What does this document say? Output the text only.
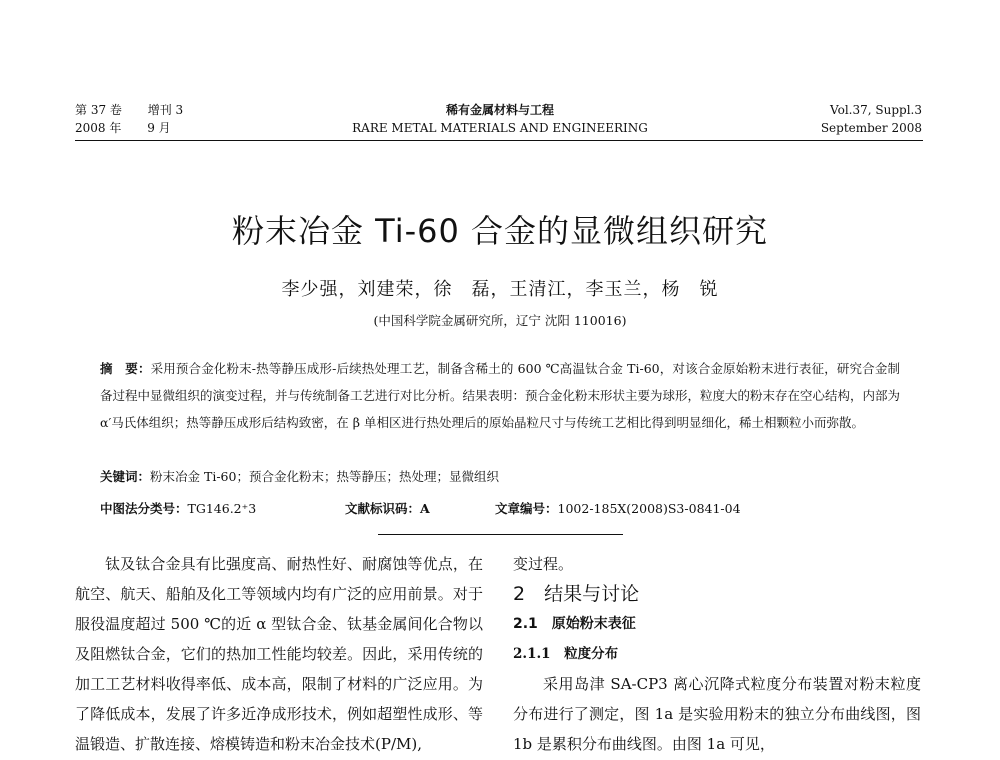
第 37 卷 增刊 3
2008 年 9 月
稀有金属材料与工程
RARE METAL MATERIALS AND ENGINEERING
Vol.37, Suppl.3
September 2008
粉末冶金 Ti-60 合金的显微组织研究
李少强，刘建荣，徐　磊，王清江，李玉兰，杨　锐
(中国科学院金属研究所，辽宁 沈阳 110016)
摘　要：采用预合金化粉末-热等静压成形-后续热处理工艺，制备含稀土的 600 ℃高温钛合金 Ti-60，对该合金原始粉末进行表征，研究合金制备过程中显微组织的演变过程，并与传统制备工艺进行对比分析。结果表明：预合金化粉末形状主要为球形，粒度大的粉末存在空心结构，内部为 α′马氏体组织；热等静压成形后结构致密，在 β 单相区进行热处理后的原始晶粒尺寸与传统工艺相比得到明显细化，稀土相颗粒小而弥散。
关键词：粉末冶金 Ti-60；预合金化粉末；热等静压；热处理；显微组织
中图法分类号：TG146.2⁺3	文献标识码：A	文章编号：1002-185X(2008)S3-0841-04

钛及钛合金具有比强度高、耐热性好、耐腐蚀等优点，在航空、航天、船舶及化工等领域内均有广泛的应用前景。对于服役温度超过 500 ℃的近 α 型钛合金、钛基金属间化合物以及阻燃钛合金，它们的热加工性能均较差。因此，采用传统的加工工艺材料收得率低、成本高，限制了材料的广泛应用。为了降低成本，发展了许多近净成形技术，例如超塑性成形、等温锻造、扩散连接、熔模铸造和粉末冶金技术(P/M),

变过程。

2　结果与讨论

2.1　原始粉末表征

2.1.1　粒度分布

采用岛津 SA-CP3 离心沉降式粒度分布装置对粉末粒度分布进行了测定，图 1a 是实验用粉末的独立分布曲线图，图 1b 是累积分布曲线图。由图 1a 可见，
